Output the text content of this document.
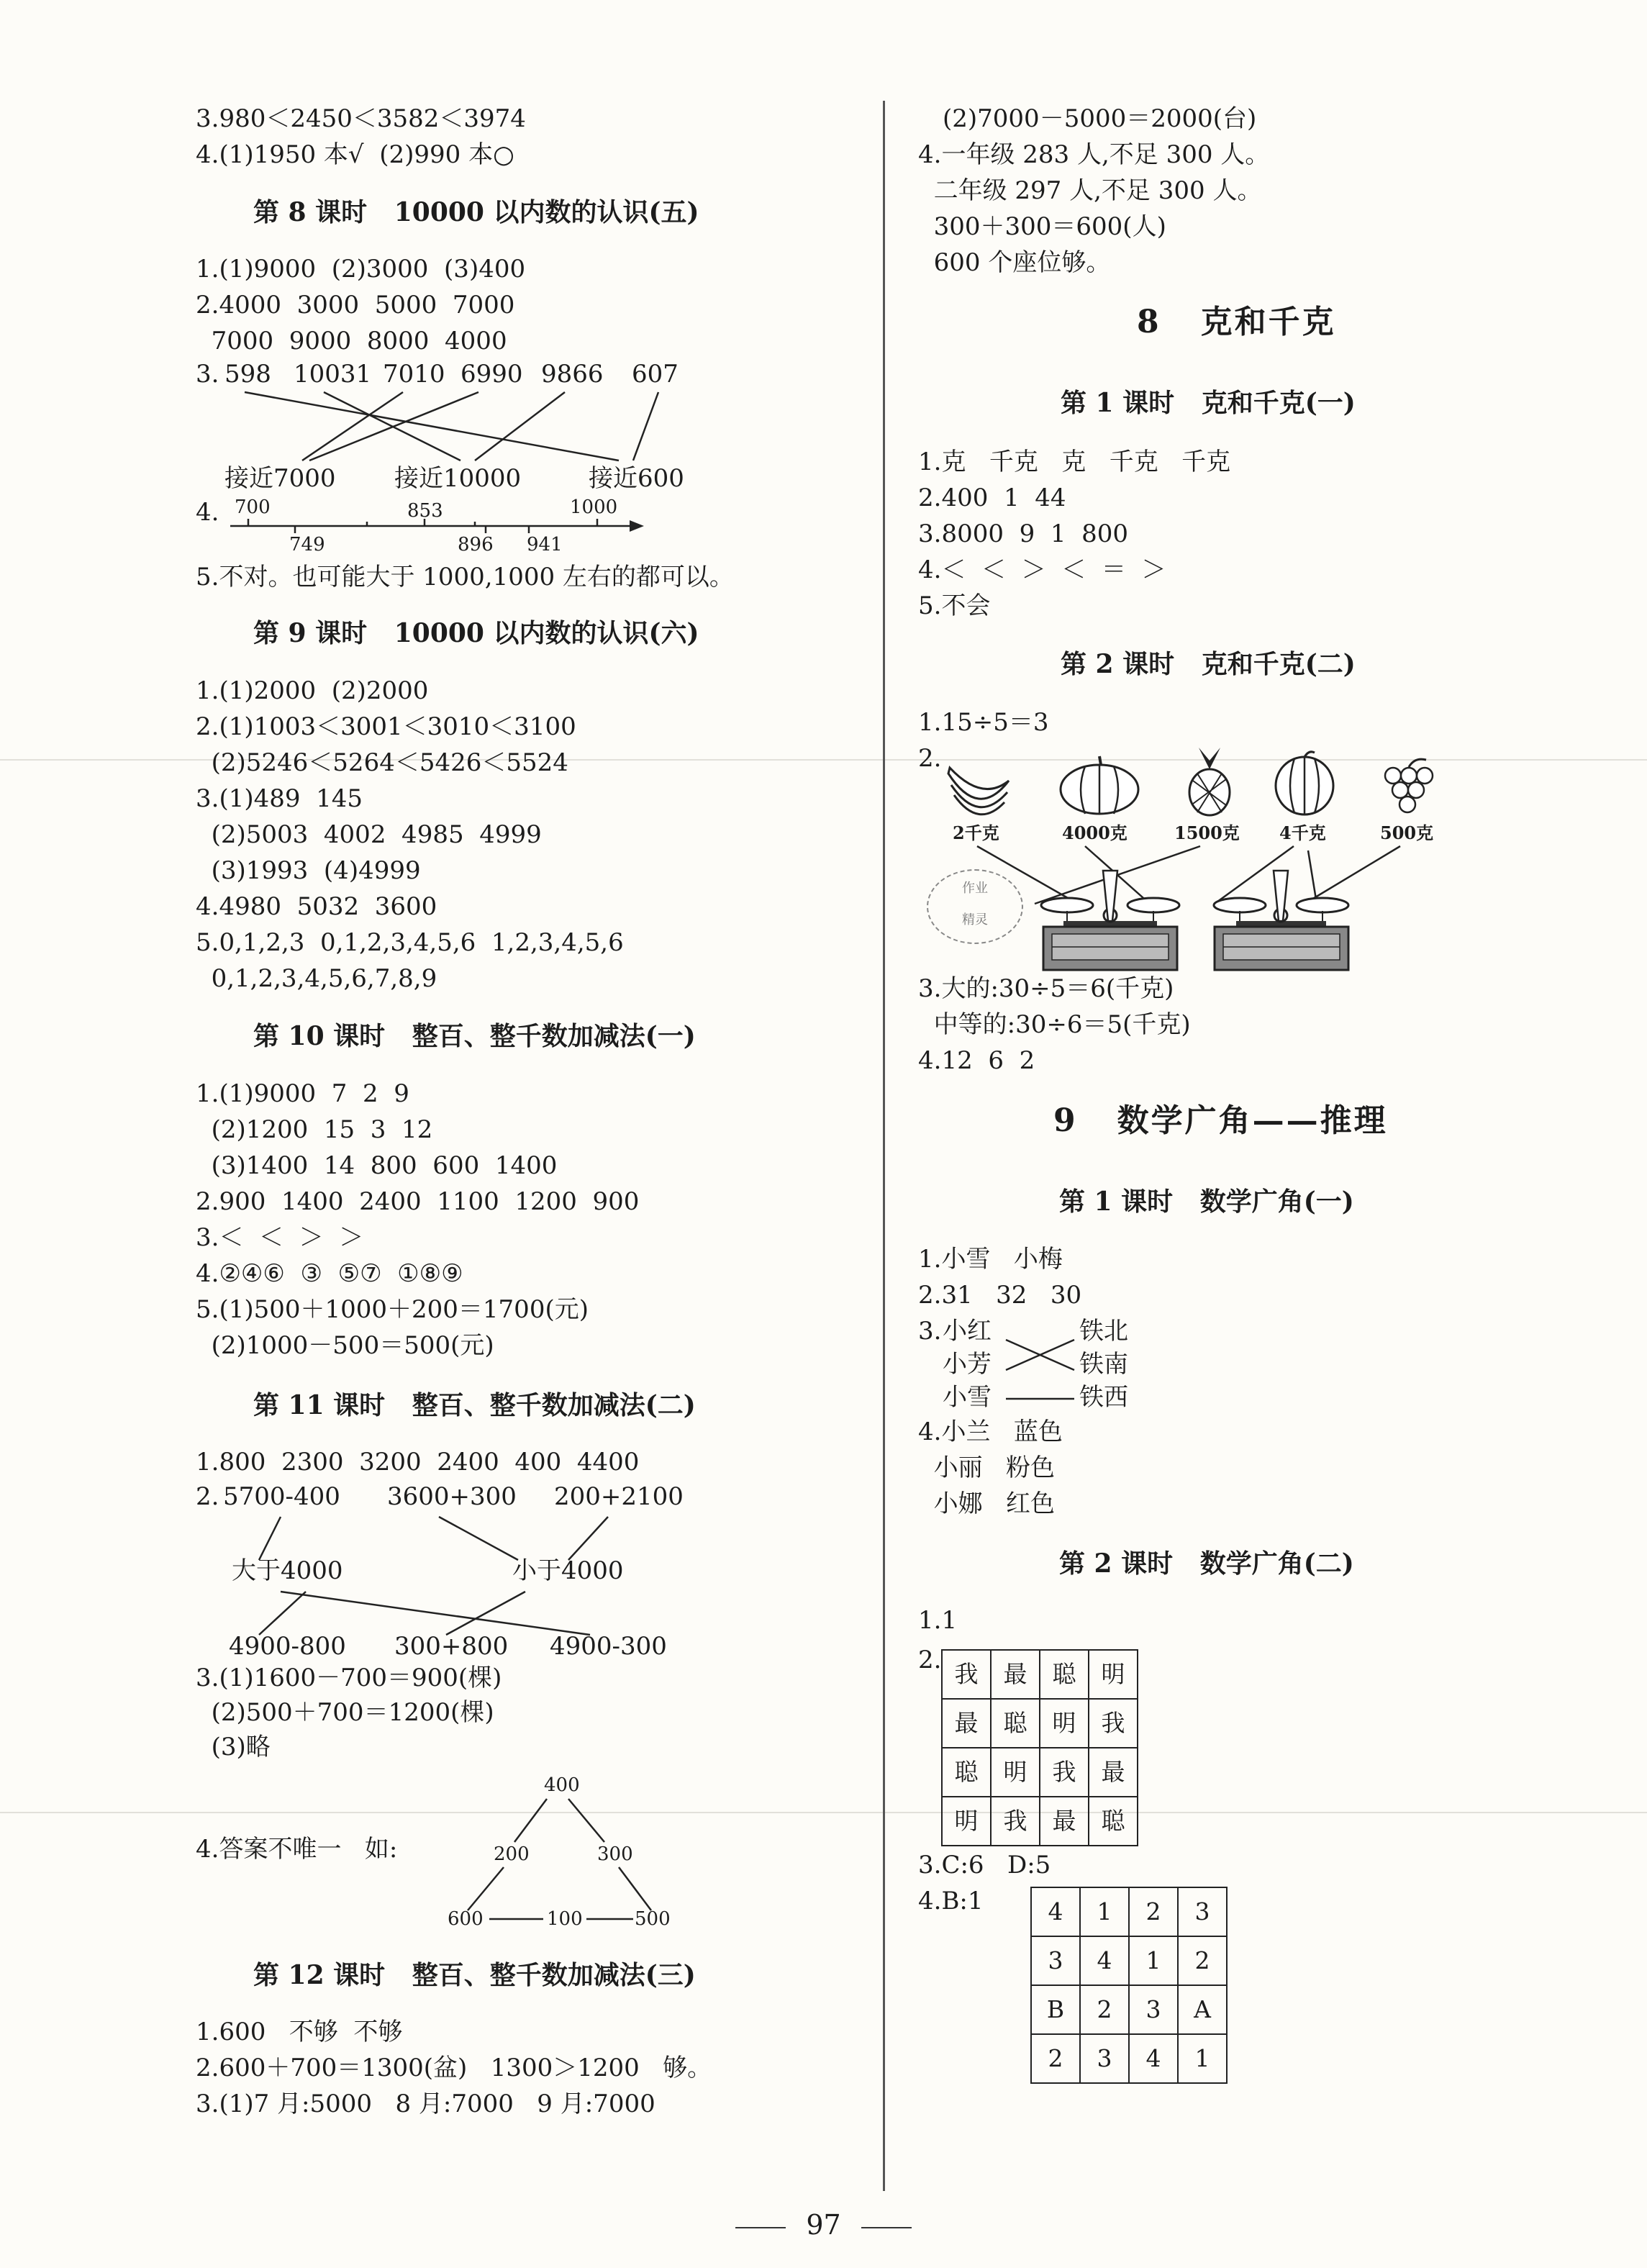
3.980＜2450＜3582＜3974
4.(1)1950 本√  (2)990 本○
第 8 课时   10000 以内数的认识(五)
1.(1)9000  (2)3000  (3)400
2.4000  3000  5000  7000
7000  9000  8000  4000
3. 598 10031 7010 6990 9866 607
接近7000 接近10000	接近600
4. 700	853	1000
749	896 941
5.不对。也可能大于 1000,1000 左右的都可以。
第 9 课时   10000 以内数的认识(六)
1.(1)2000  (2)2000
2.(1)1003＜3001＜3010＜3100
(2)5246＜5264＜5426＜5524
3.(1)489  145
(2)5003  4002  4985  4999
(3)1993  (4)4999
4.4980  5032  3600
5.0,1,2,3  0,1,2,3,4,5,6  1,2,3,4,5,6
0,1,2,3,4,5,6,7,8,9
第 10 课时   整百、整千数加减法(一)
1.(1)9000  7  2  9
(2)1200  15  3  12
(3)1400  14  800  600  1400
2.900  1400  2400  1100  1200  900
3.＜  ＜  ＞  ＞
4.②④⑥  ③  ⑤⑦  ①⑧⑨
5.(1)500＋1000＋200＝1700(元)
(2)1000－500＝500(元)
第 11 课时   整百、整千数加减法(二)
1.800  2300  3200  2400  400  4400
2. 5700-400 3600+300 200+2100
大于4000	小于4000
4900-800 300+800 4900-300
3.(1)1600－700＝900(棵)
(2)500＋700＝1200(棵)
(3)略
400
4.答案不唯一   如:	200	300
600	100	500
第 12 课时   整百、整千数加减法(三)
1.600   不够  不够
2.600＋700＝1300(盆)   1300＞1200   够。
3.(1)7 月:5000   8 月:7000   9 月:7000
(2)7000－5000＝2000(台)
4.一年级 283 人,不足 300 人。
二年级 297 人,不足 300 人。
300＋300＝600(人)
600 个座位够。
8   克和千克
第 1 课时   克和千克(一)
1.克   千克   克   千克   千克
2.400  1  44
3.8000  9  1  800
4.＜  ＜  ＞  ＜  ＝  ＞
5.不会
第 2 课时   克和千克(二)
1.15÷5＝3
2.
2千克	4000克	1500克 4千克	500克
作业
精灵
3.大的:30÷5＝6(千克)
中等的:30÷6＝5(千克)
4.12  6  2
9   数学广角——推理
第 1 课时   数学广角(一)
1.小雪   小梅
2.31   32   30
3. 小红
小芳
小雪
铁北
铁南
铁西
4.小兰   蓝色
小丽   粉色
小娜   红色
第 2 课时   数学广角(二)
1.1
2. 我	最	聪	明
最	聪	明	我
聪	明	我	最
明	我	最	聪
3.C:6   D:5
4.B:1	4	1	2	3
3	4	1	2
B	2	3	A
2	3	4	1
97
